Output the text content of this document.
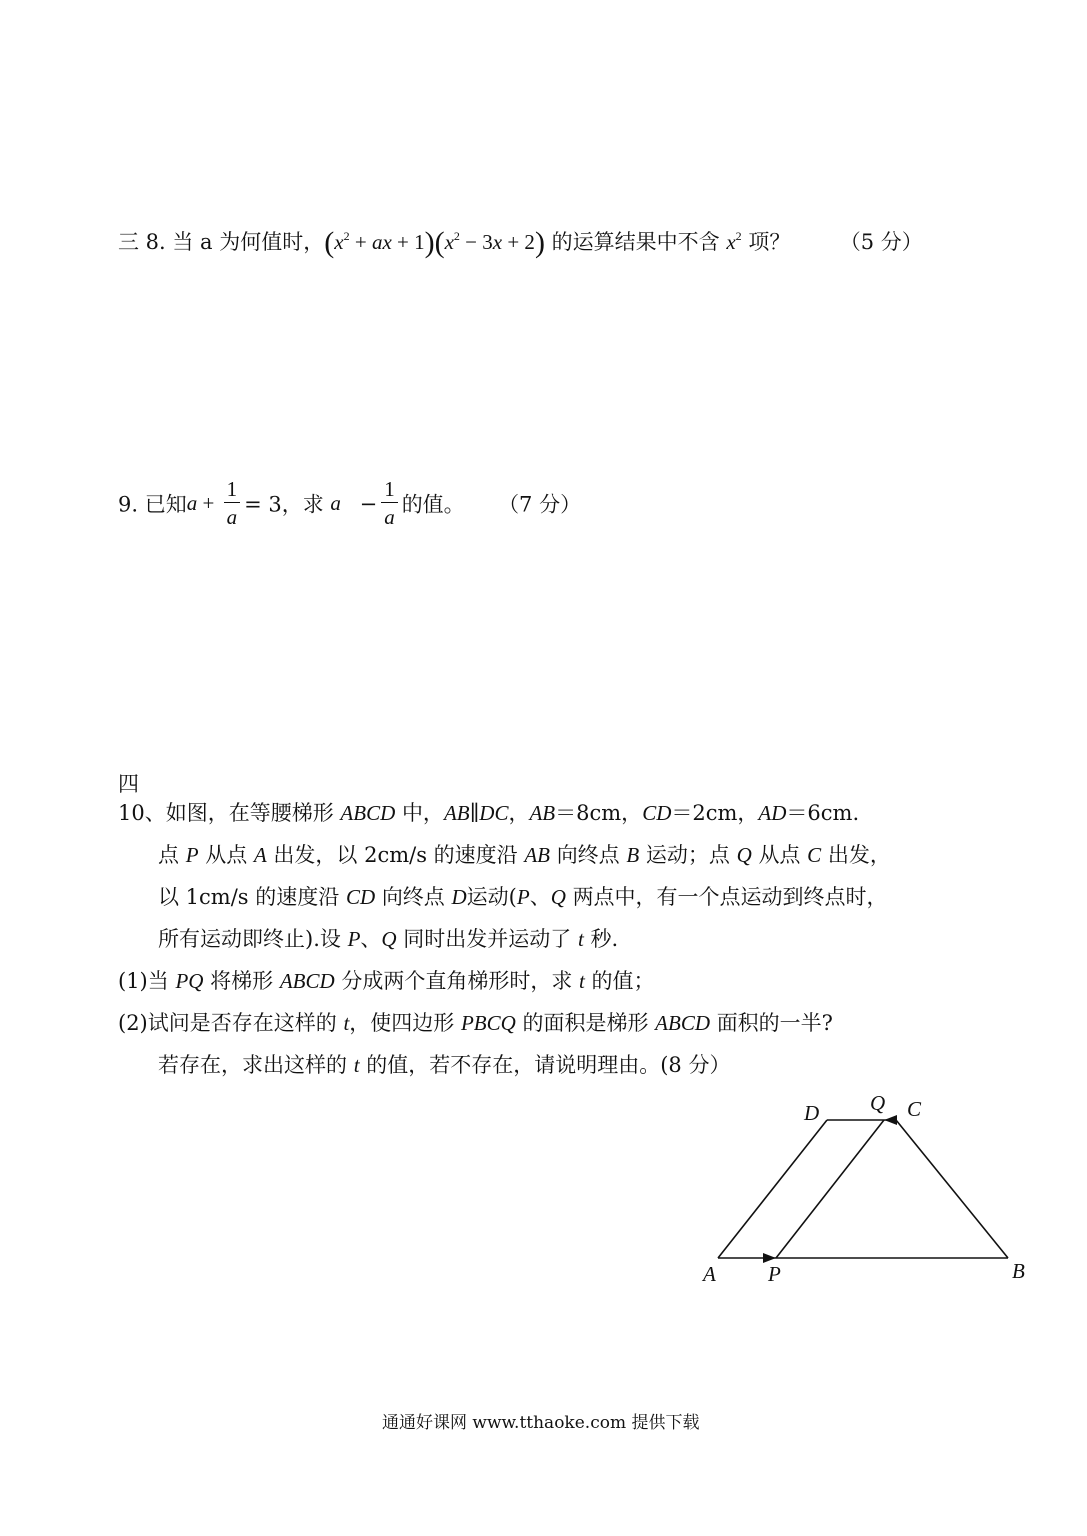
三 8. 当 a 为何值时，($x^2$ + ax + $1)(x^2 - 3x + 2)$ 的运算结果中不含 $x^2$ 项？ （5 分）
9. 已知$a + \frac{1}{a} = 3$，求 $a - \frac{1}{a}$ 的值。 （7 分）
四
10、如图，在等腰梯形 ABCD 中，AB∥DC，AB＝8cm，CD＝2cm，AD＝6cm.
点 P 从点 A 出发，以 2cm/s 的速度沿 AB 向终点 B 运动；点 Q 从点 C 出发，
以 1cm/s 的速度沿 CD 向终点 D运动(P、Q 两点中，有一个点运动到终点时，
所有运动即终止).设 P、Q 同时出发并运动了 t 秒.
(1)当 PQ 将梯形 ABCD 分成两个直角梯形时，求 t 的值；
(2)试问是否存在这样的 t，使四边形 PBCQ 的面积是梯形 ABCD 面积的一半?
若存在，求出这样的 t 的值，若不存在，请说明理由。(8 分）
A P	B
D Q C
通通好课网 www.tthaoke.com 提供下载
